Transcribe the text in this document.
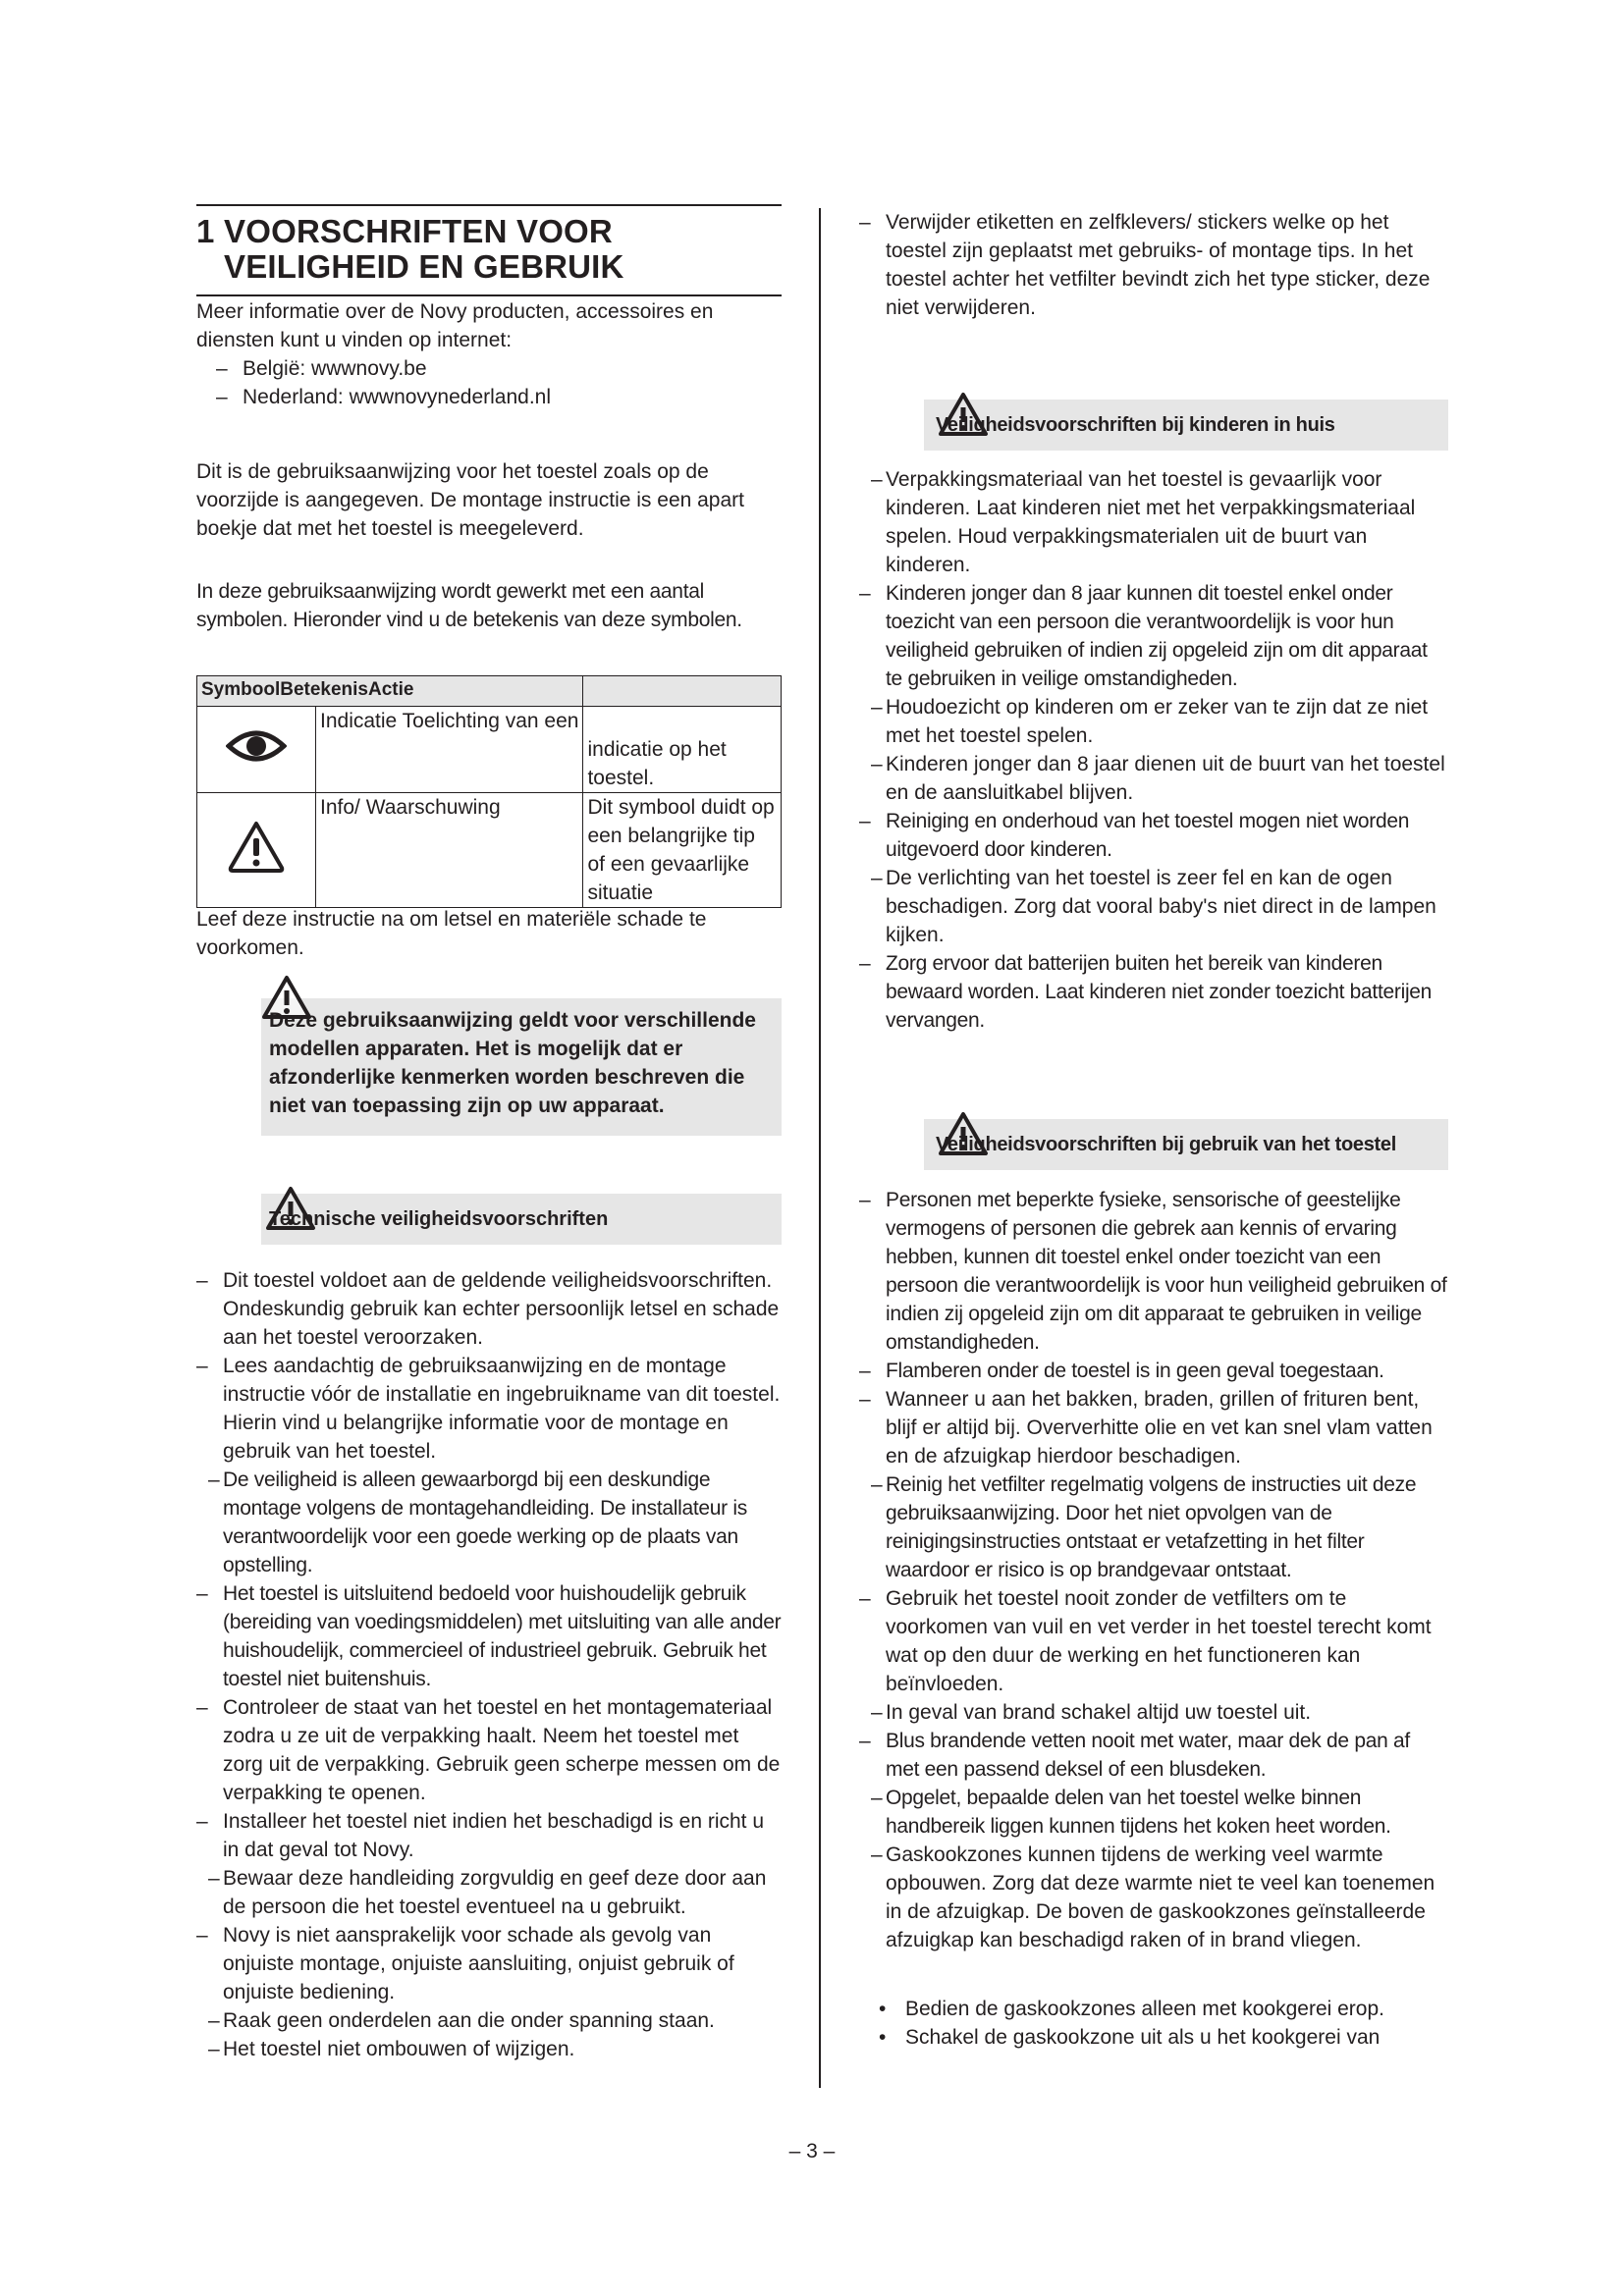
1 VOORSCHRIFTEN VOOR
VEILIGHEID EN GEBRUIK
Meer informatie over de Novy producten, accessoires en diensten kunt u vinden op internet:
– België: wwwnovy.be
– Nederland: wwwnovynederland.nl

Dit is de gebruiksaanwijzing voor het toestel zoals op de voorzijde is aangegeven. De montage instructie is een apart boekje dat met het toestel is meegeleverd.

In deze gebruiksaanwijzing wordt gewerkt met een aantal symbolen. Hieronder vind u de betekenis van deze symbolen.

SymboolBetekenisActie		
	Indicatie Toelichting van een	indicatie op het toestel.
	Info/ Waarschuwing	Dit symbool duidt op een belangrijke tip of een gevaarlijke situatie

Leef deze instructie na om letsel en materiële schade te voorkomen.

Deze gebruiksaanwijzing geldt voor verschillende modellen apparaten. Het is mogelijk dat er afzonderlijke kenmerken worden beschreven die niet van toepassing zijn op uw apparaat.
Technische veiligheidsvoorschriften
– Dit toestel voldoet aan de geldende veiligheidsvoorschriften. Ondeskundig gebruik kan echter persoonlijk letsel en schade aan het toestel veroorzaken.
– Lees aandachtig de gebruiksaanwijzing en de montage instructie vóór de installatie en ingebruikname van dit toestel. Hierin vind u belangrijke informatie voor de montage en gebruik van het toestel.
– De veiligheid is alleen gewaarborgd bij een deskundige montage volgens de montagehandleiding. De installateur is verantwoordelijk voor een goede werking op de plaats van opstelling.
– Het toestel is uitsluitend bedoeld voor huishoudelijk gebruik (bereiding van voedingsmiddelen) met uitsluiting van alle ander huishoudelijk, commercieel of industrieel gebruik. Gebruik het toestel niet buitenshuis.
– Controleer de staat van het toestel en het montagemateriaal zodra u ze uit de verpakking haalt. Neem het toestel met zorg uit de verpakking. Gebruik geen scherpe messen om de verpakking te openen.
– Installeer het toestel niet indien het beschadigd is en richt u in dat geval tot Novy.
– Bewaar deze handleiding zorgvuldig en geef deze door aan de persoon die het toestel eventueel na u gebruikt.
– Novy is niet aansprakelijk voor schade als gevolg van onjuiste montage, onjuiste aansluiting, onjuist gebruik of onjuiste bediening.
– Raak geen onderdelen aan die onder spanning staan.
– Het toestel niet ombouwen of wijzigen.
– Verwijder etiketten en zelfklevers/ stickers welke op het toestel zijn geplaatst met gebruiks- of montage tips. In het toestel achter het vetfilter bevindt zich het type sticker, deze niet verwijderen.
Veiligheidsvoorschriften bij kinderen in huis
– Verpakkingsmateriaal van het toestel is gevaarlijk voor kinderen. Laat kinderen niet met het verpakkingsmateriaal spelen. Houd verpakkingsmaterialen uit de buurt van kinderen.
– Kinderen jonger dan 8 jaar kunnen dit toestel enkel onder toezicht van een persoon die verantwoordelijk is voor hun veiligheid gebruiken of indien zij opgeleid zijn om dit apparaat te gebruiken in veilige omstandigheden.
– Houdoezicht op kinderen om er zeker van te zijn dat ze niet met het toestel spelen.
– Kinderen jonger dan 8 jaar dienen uit de buurt van het toestel en de aansluitkabel blijven.
– Reiniging en onderhoud van het toestel mogen niet worden uitgevoerd door kinderen.
– De verlichting van het toestel is zeer fel en kan de ogen beschadigen. Zorg dat vooral baby's niet direct in de lampen kijken.
– Zorg ervoor dat batterijen buiten het bereik van kinderen bewaard worden. Laat kinderen niet zonder toezicht batterijen vervangen.
Veiligheidsvoorschriften bij gebruik van het toestel
– Personen met beperkte fysieke, sensorische of geestelijke vermogens of personen die gebrek aan kennis of ervaring hebben, kunnen dit toestel enkel onder toezicht van een persoon die verantwoordelijk is voor hun veiligheid gebruiken of indien zij opgeleid zijn om dit apparaat te gebruiken in veilige omstandigheden.
– Flamberen onder de toestel is in geen geval toegestaan.
– Wanneer u aan het bakken, braden, grillen of frituren bent, blijf er altijd bij. Oververhitte olie en vet kan snel vlam vatten en de afzuigkap hierdoor beschadigen.
– Reinig het vetfilter regelmatig volgens de instructies uit deze gebruiksaanwijzing. Door het niet opvolgen van de reinigingsinstructies ontstaat er vetafzetting in het filter waardoor er risico is op brandgevaar ontstaat.
– Gebruik het toestel nooit zonder de vetfilters om te voorkomen van vuil en vet verder in het toestel terecht komt wat op den duur de werking en het functioneren kan beïnvloeden.
– In geval van brand schakel altijd uw toestel uit.
– Blus brandende vetten nooit met water, maar dek de pan af met een passend deksel of een blusdeken.
– Opgelet, bepaalde delen van het toestel welke binnen handbereik liggen kunnen tijdens het koken heet worden.
– Gaskookzones kunnen tijdens de werking veel warmte opbouwen. Zorg dat deze warmte niet te veel kan toenemen in de afzuigkap. De boven de gaskookzones geïnstalleerde afzuigkap kan beschadigd raken of in brand vliegen.
• Bedien de gaskookzones alleen met kookgerei erop.
• Schakel de gaskookzone uit als u het kookgerei van
– 3 –
